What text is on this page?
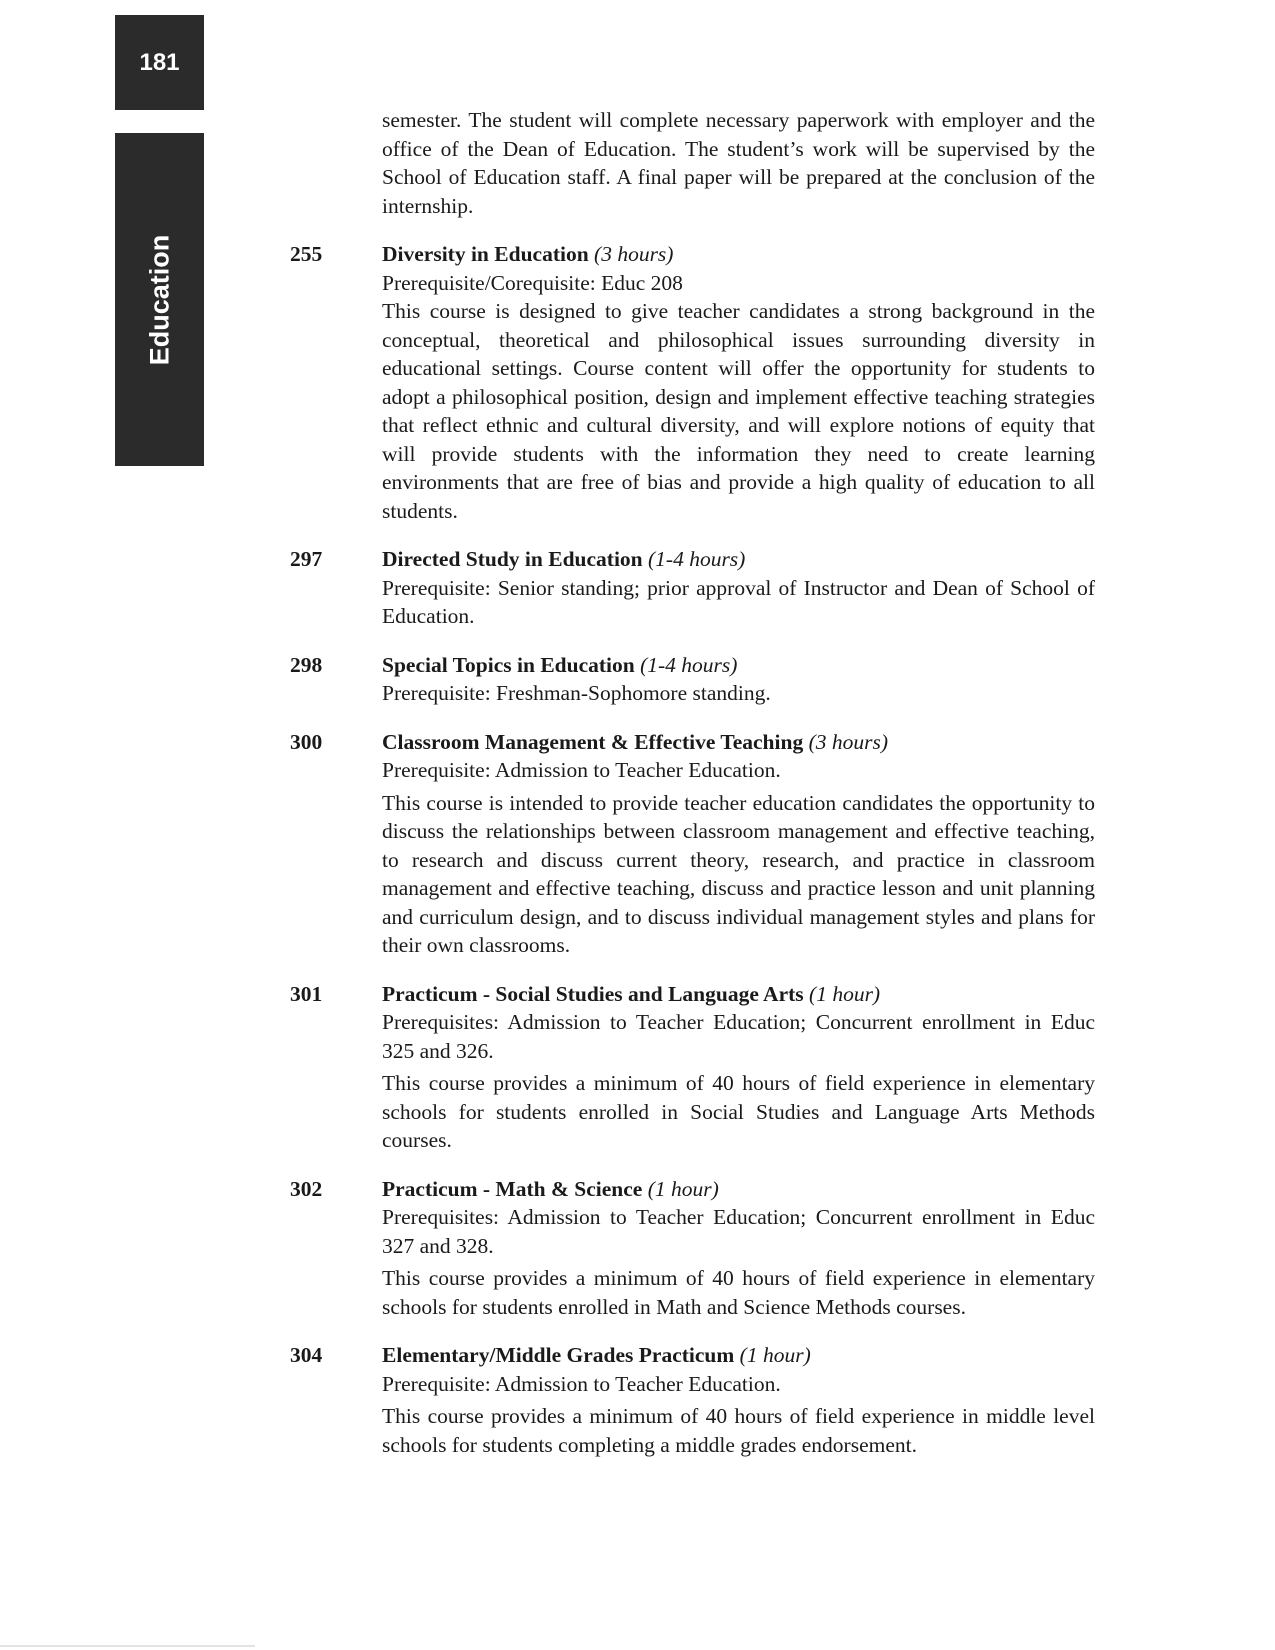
181
Education

semester. The student will complete necessary paperwork with employer and the office of the Dean of Education. The student’s work will be supervised by the School of Education staff. A final paper will be prepared at the conclusion of the internship.

255	Diversity in Education (3 hours)

Prerequisite/Corequisite: Educ 208

This course is designed to give teacher candidates a strong background in the conceptual, theoretical and philosophical issues surrounding diversity in educational settings. Course content will offer the opportunity for students to adopt a philosophical position, design and implement effective teaching strategies that reflect ethnic and cultural diversity, and will explore notions of equity that will provide students with the information they need to create learning environments that are free of bias and provide a high quality of education to all students.

297	Directed Study in Education (1-4 hours)

Prerequisite: Senior standing; prior approval of Instructor and Dean of School of Education.

298	Special Topics in Education (1-4 hours)

Prerequisite: Freshman-Sophomore standing.

300	Classroom Management & Effective Teaching (3 hours)

Prerequisite: Admission to Teacher Education.

This course is intended to provide teacher education candidates the opportunity to discuss the relationships between classroom management and effective teaching, to research and discuss current theory, research, and practice in classroom management and effective teaching, discuss and practice lesson and unit planning and curriculum design, and to discuss individual management styles and plans for their own classrooms.

301	Practicum - Social Studies and Language Arts (1 hour)

Prerequisites: Admission to Teacher Education; Concurrent enrollment in Educ 325 and 326.

This course provides a minimum of 40 hours of field experience in elementary schools for students enrolled in Social Studies and Language Arts Methods courses.

302	Practicum - Math & Science (1 hour)

Prerequisites: Admission to Teacher Education; Concurrent enrollment in Educ 327 and 328.

This course provides a minimum of 40 hours of field experience in elementary schools for students enrolled in Math and Science Methods courses.

304	Elementary/Middle Grades Practicum (1 hour)

Prerequisite: Admission to Teacher Education.

This course provides a minimum of 40 hours of field experience in middle level schools for students completing a middle grades endorsement.
